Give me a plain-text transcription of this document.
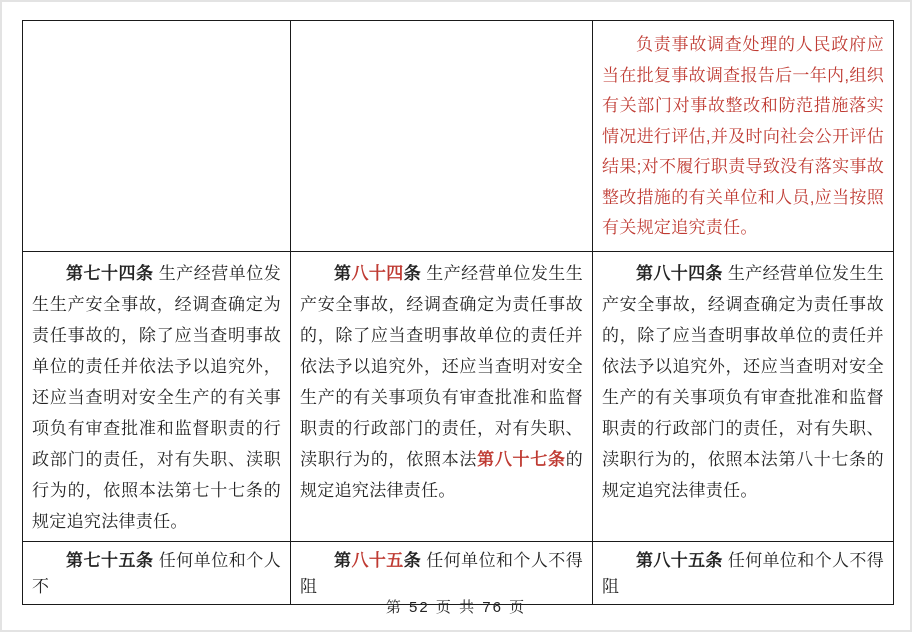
		负责事故调查处理的人民政府应当在批复事故调查报告后一年内,组织有关部门对事故整改和防范措施落实情况进行评估,并及时向社会公开评估结果;对不履行职责导致没有落实事故整改措施的有关单位和人员,应当按照有关规定追究责任。

第七十四条 生产经营单位发生生产安全事故，经调查确定为责任事故的，除了应当查明事故单位的责任并依法予以追究外，还应当查明对安全生产的有关事项负有审查批准和监督职责的行政部门的责任，对有失职、渎职行为的，依照本法第七十七条的规定追究法律责任。	第八十四条 生产经营单位发生生产安全事故，经调查确定为责任事故的，除了应当查明事故单位的责任并依法予以追究外，还应当查明对安全生产的有关事项负有审查批准和监督职责的行政部门的责任，对有失职、渎职行为的，依照本法第八十七条的规定追究法律责任。	第八十四条 生产经营单位发生生产安全事故，经调查确定为责任事故的，除了应当查明事故单位的责任并依法予以追究外，还应当查明对安全生产的有关事项负有审查批准和监督职责的行政部门的责任，对有失职、渎职行为的，依照本法第八十七条的规定追究法律责任。

第七十五条 任何单位和个人不	第八十五条 任何单位和个人不得阻	第八十五条 任何单位和个人不得阻

第 52 页 共 76 页
